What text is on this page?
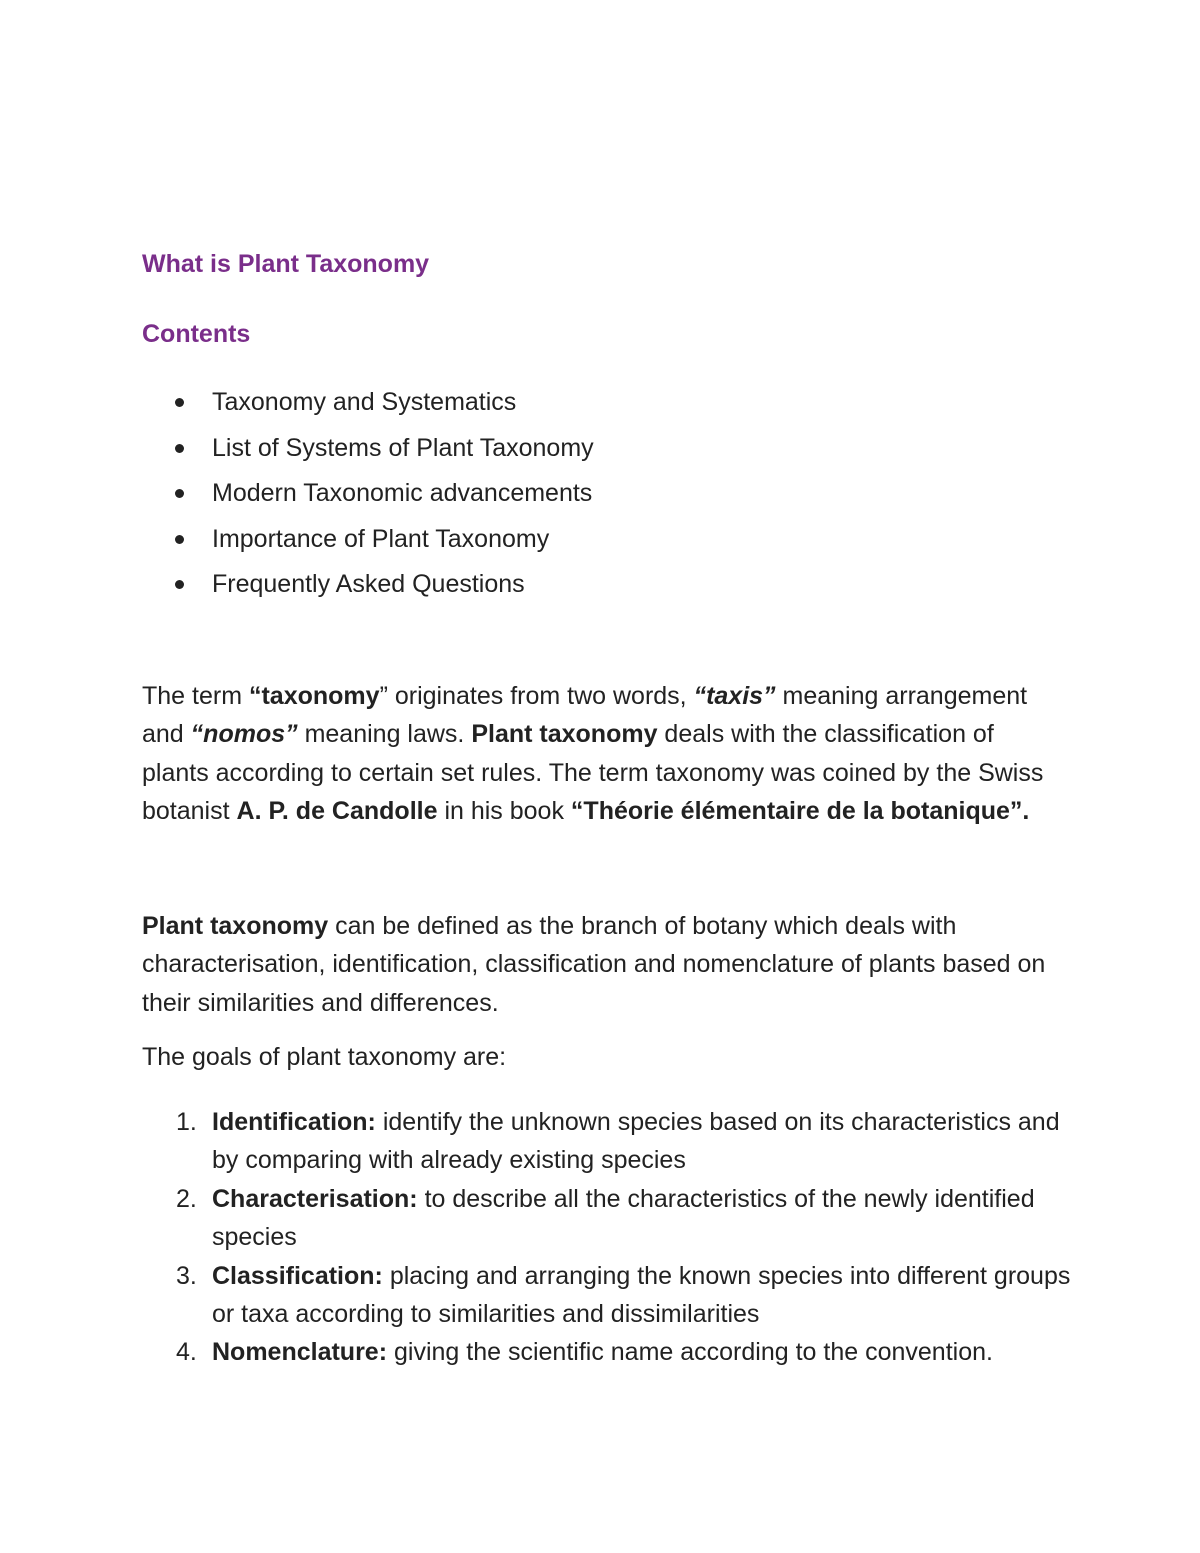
What is Plant Taxonomy
Contents
Taxonomy and Systematics
List of Systems of Plant Taxonomy
Modern Taxonomic advancements
Importance of Plant Taxonomy
Frequently Asked Questions

The term “taxonomy” originates from two words, “taxis” meaning arrangement and “nomos” meaning laws. Plant taxonomy deals with the classification of plants according to certain set rules. The term taxonomy was coined by the Swiss botanist A. P. de Candolle in his book “Théorie élémentaire de la botanique”.

Plant taxonomy can be defined as the branch of botany which deals with characterisation, identification, classification and nomenclature of plants based on their similarities and differences.

The goals of plant taxonomy are:

1. Identification: identify the unknown species based on its characteristics and by comparing with already existing species
2. Characterisation: to describe all the characteristics of the newly identified species
3. Classification: placing and arranging the known species into different groups or taxa according to similarities and dissimilarities
4. Nomenclature: giving the scientific name according to the convention.
